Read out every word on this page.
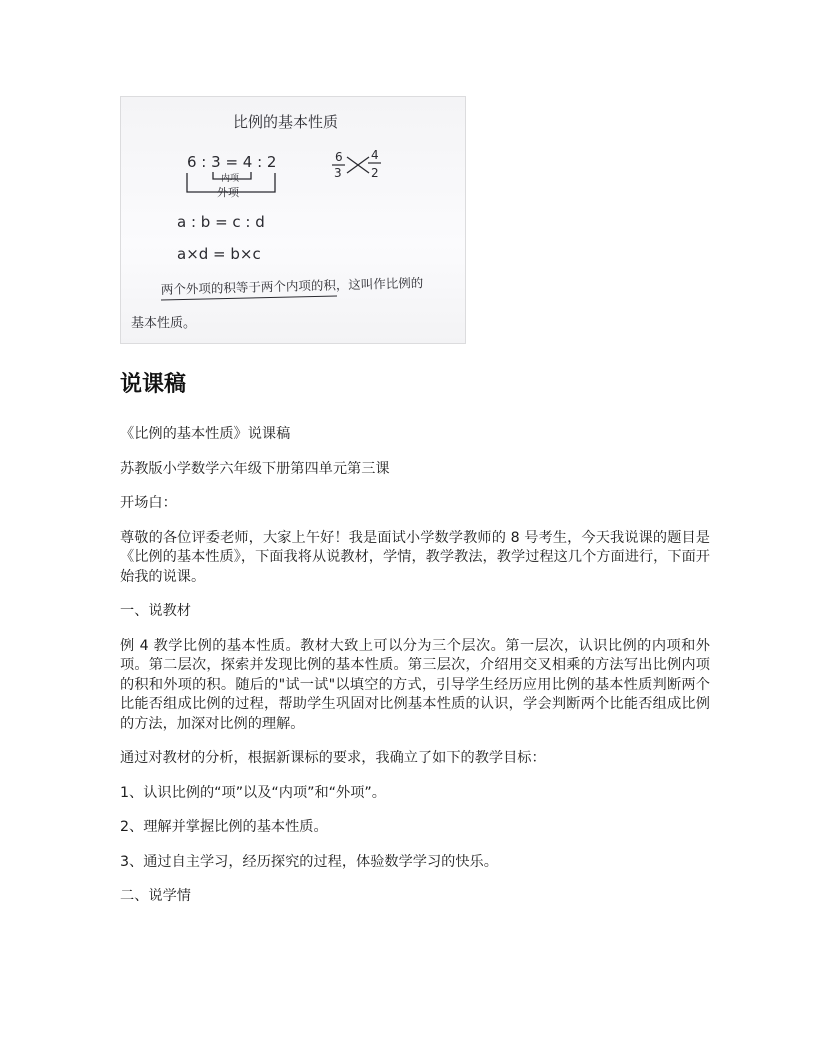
比例的基本性质
6 : 3 = 4 : 2
内项
外项
6
3
4
2
a : b = c : d
a×d = b×c
两个外项的积等于两个内项的积，这叫作比例的
基本性质。
说课稿

《比例的基本性质》说课稿

苏教版小学数学六年级下册第四单元第三课

开场白：

尊敬的各位评委老师，大家上午好！我是面试小学数学教师的 8 号考生，今天我说课的题目是《比例的基本性质》，下面我将从说教材，学情，教学教法，教学过程这几个方面进行，下面开始我的说课。

一、说教材

例 4 教学比例的基本性质。教材大致上可以分为三个层次。第一层次，认识比例的内项和外项。第二层次，探索并发现比例的基本性质。第三层次，介绍用交叉相乘的方法写出比例内项的积和外项的积。随后的"试一试"以填空的方式，引导学生经历应用比例的基本性质判断两个比能否组成比例的过程，帮助学生巩固对比例基本性质的认识，学会判断两个比能否组成比例的方法，加深对比例的理解。

通过对教材的分析，根据新课标的要求，我确立了如下的教学目标：

1、认识比例的“项”以及“内项”和“外项”。

2、理解并掌握比例的基本性质。

3、通过自主学习，经历探究的过程，体验数学学习的快乐。

二、说学情
